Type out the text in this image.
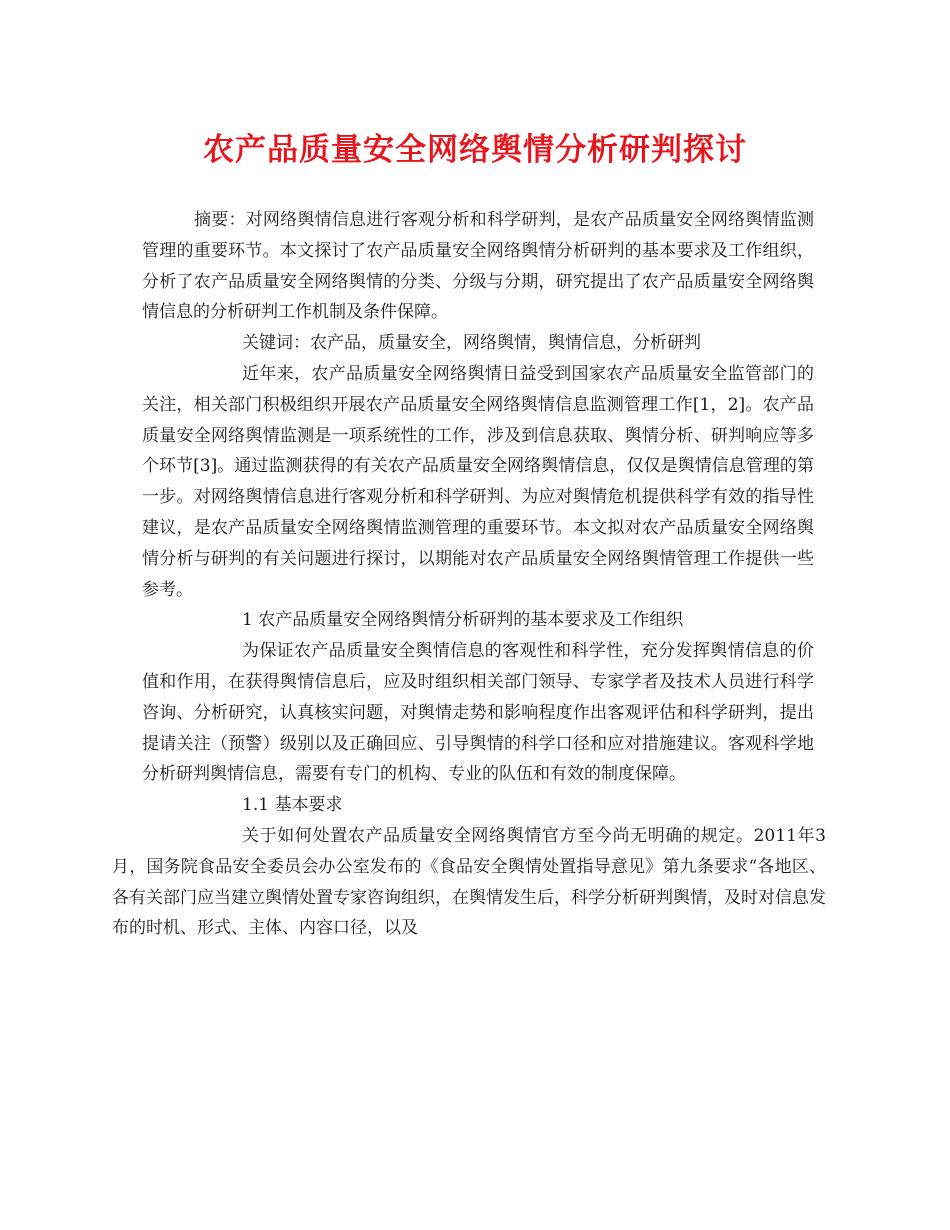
农产品质量安全网络舆情分析研判探讨

摘要：对网络舆情信息进行客观分析和科学研判，是农产品质量安全网络舆情监测管理的重要环节。本文探讨了农产品质量安全网络舆情分析研判的基本要求及工作组织，分析了农产品质量安全网络舆情的分类、分级与分期，研究提出了农产品质量安全网络舆情信息的分析研判工作机制及条件保障。

关键词：农产品，质量安全，网络舆情，舆情信息，分析研判

近年来，农产品质量安全网络舆情日益受到国家农产品质量安全监管部门的关注，相关部门积极组织开展农产品质量安全网络舆情信息监测管理工作[1，2]。农产品质量安全网络舆情监测是一项系统性的工作，涉及到信息获取、舆情分析、研判响应等多个环节[3]。通过监测获得的有关农产品质量安全网络舆情信息，仅仅是舆情信息管理的第一步。对网络舆情信息进行客观分析和科学研判、为应对舆情危机提供科学有效的指导性建议，是农产品质量安全网络舆情监测管理的重要环节。本文拟对农产品质量安全网络舆情分析与研判的有关问题进行探讨，以期能对农产品质量安全网络舆情管理工作提供一些参考。

1 农产品质量安全网络舆情分析研判的基本要求及工作组织

为保证农产品质量安全舆情信息的客观性和科学性，充分发挥舆情信息的价值和作用，在获得舆情信息后，应及时组织相关部门领导、专家学者及技术人员进行科学咨询、分析研究，认真核实问题，对舆情走势和影响程度作出客观评估和科学研判，提出提请关注（预警）级别以及正确回应、引导舆情的科学口径和应对措施建议。客观科学地分析研判舆情信息，需要有专门的机构、专业的队伍和有效的制度保障。

1.1 基本要求

关于如何处置农产品质量安全网络舆情官方至今尚无明确的规定。2011年3月，国务院食品安全委员会办公室发布的《食品安全舆情处置指导意见》第九条要求“各地区、各有关部门应当建立舆情处置专家咨询组织，在舆情发生后，科学分析研判舆情，及时对信息发布的时机、形式、主体、内容口径，以及
